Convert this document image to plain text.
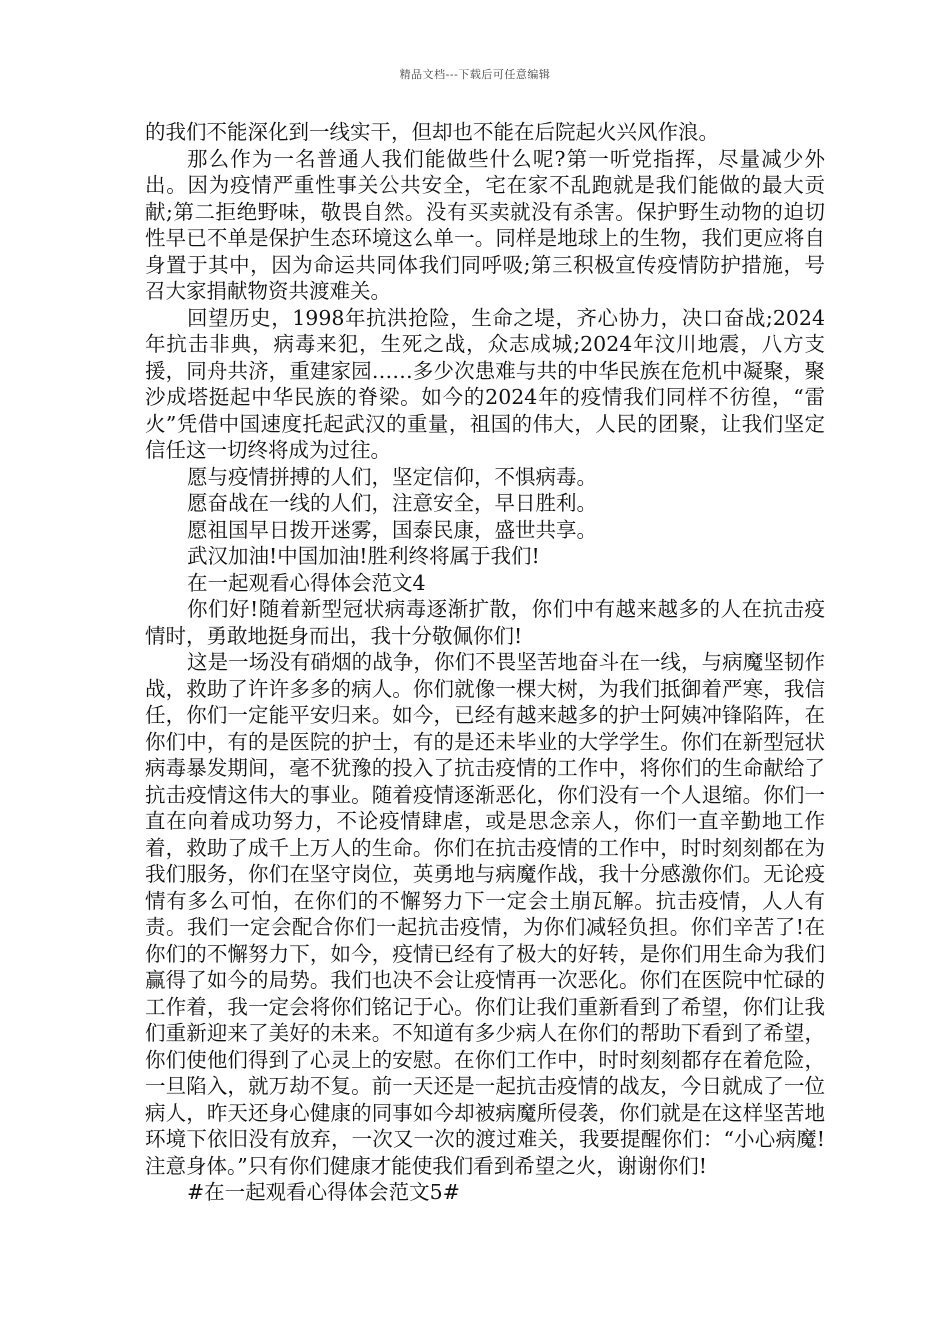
精品文档---下载后可任意编辑

的我们不能深化到一线实干，但却也不能在后院起火兴风作浪。

那么作为一名普通人我们能做些什么呢?第一听党指挥，尽量减少外出。因为疫情严重性事关公共安全，宅在家不乱跑就是我们能做的最大贡献;第二拒绝野味，敬畏自然。没有买卖就没有杀害。保护野生动物的迫切性早已不单是保护生态环境这么单一。同样是地球上的生物，我们更应将自身置于其中，因为命运共同体我们同呼吸;第三积极宣传疫情防护措施，号召大家捐献物资共渡难关。

回望历史，1998年抗洪抢险，生命之堤，齐心协力，决口奋战;2024年抗击非典，病毒来犯，生死之战，众志成城;2024年汶川地震，八方支援，同舟共济，重建家园……多少次患难与共的中华民族在危机中凝聚，聚沙成塔挺起中华民族的脊梁。如今的2024年的疫情我们同样不彷徨，“雷火”凭借中国速度托起武汉的重量，祖国的伟大，人民的团聚，让我们坚定信任这一切终将成为过往。

愿与疫情拼搏的人们，坚定信仰，不惧病毒。

愿奋战在一线的人们，注意安全，早日胜利。

愿祖国早日拨开迷雾，国泰民康，盛世共享。

武汉加油!中国加油!胜利终将属于我们!

在一起观看心得体会范文4

你们好!随着新型冠状病毒逐渐扩散，你们中有越来越多的人在抗击疫情时，勇敢地挺身而出，我十分敬佩你们!

这是一场没有硝烟的战争，你们不畏坚苦地奋斗在一线，与病魔坚韧作战，救助了许许多多的病人。你们就像一棵大树，为我们抵御着严寒，我信任，你们一定能平安归来。如今，已经有越来越多的护士阿姨冲锋陷阵，在你们中，有的是医院的护士，有的是还未毕业的大学学生。你们在新型冠状病毒暴发期间，毫不犹豫的投入了抗击疫情的工作中，将你们的生命献给了抗击疫情这伟大的事业。随着疫情逐渐恶化，你们没有一个人退缩。你们一直在向着成功努力，不论疫情肆虐，或是思念亲人，你们一直辛勤地工作着，救助了成千上万人的生命。你们在抗击疫情的工作中，时时刻刻都在为我们服务，你们在坚守岗位，英勇地与病魔作战，我十分感激你们。无论疫情有多么可怕，在你们的不懈努力下一定会土崩瓦解。抗击疫情，人人有责。我们一定会配合你们一起抗击疫情，为你们减轻负担。你们辛苦了!在你们的不懈努力下，如今，疫情已经有了极大的好转，是你们用生命为我们赢得了如今的局势。我们也决不会让疫情再一次恶化。你们在医院中忙碌的工作着，我一定会将你们铭记于心。你们让我们重新看到了希望，你们让我们重新迎来了美好的未来。不知道有多少病人在你们的帮助下看到了希望，你们使他们得到了心灵上的安慰。在你们工作中，时时刻刻都存在着危险，一旦陷入，就万劫不复。前一天还是一起抗击疫情的战友，今日就成了一位病人，昨天还身心健康的同事如今却被病魔所侵袭，你们就是在这样坚苦地环境下依旧没有放弃，一次又一次的渡过难关，我要提醒你们：“小心病魔!注意身体。”只有你们健康才能使我们看到希望之火，谢谢你们!

#在一起观看心得体会范文5#
